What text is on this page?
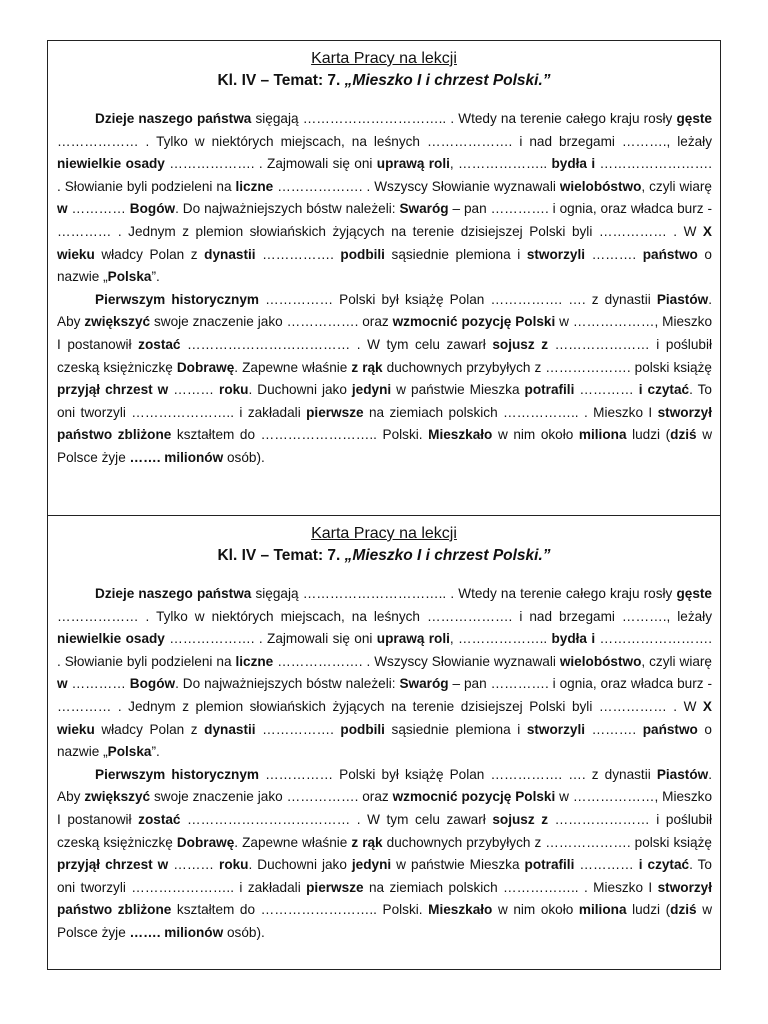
Karta Pracy na lekcji
Kl. IV – Temat: 7. „Mieszko I i chrzest Polski.”

Dzieje naszego państwa sięgają ………………………….. . Wtedy na terenie całego kraju rosły gęste ……………… . Tylko w niektórych miejscach, na leśnych ………………. i nad brzegami ………., leżały niewielkie osady ………………. . Zajmowali się oni uprawą roli, ……………….. bydła i ……………………. . Słowianie byli podzieleni na liczne ………………. . Wszyscy Słowianie wyznawali wielobóstwo, czyli wiarę w ………… Bogów. Do najważniejszych bóstw należeli: Swaróg – pan …………. i ognia, oraz władca burz - ………… . Jednym z plemion słowiańskich żyjących na terenie dzisiejszej Polski byli …………… . W X wieku władcy Polan z dynastii ……………. podbili sąsiednie plemiona i stworzyli ………. państwo o nazwie „Polska”.

Pierwszym historycznym …………… Polski był książę Polan ……………. …. z dynastii Piastów. Aby zwiększyć swoje znaczenie jako ……………. oraz wzmocnić pozycję Polski w ………………, Mieszko I postanowił zostać ……………………………… . W tym celu zawarł sojusz z ………………… i poślubił czeską księżniczkę Dobrawę. Zapewne właśnie z rąk duchownych przybyłych z ………………. polski książę przyjął chrzest w ……… roku. Duchowni jako jedyni w państwie Mieszka potrafili ………… i czytać. To oni tworzyli ………………….. i zakładali pierwsze na ziemiach polskich …………….. . Mieszko I stworzył państwo zbliżone kształtem do …………………….. Polski. Mieszkało w nim około miliona ludzi (dziś w Polsce żyje ……. milionów osób).

Karta Pracy na lekcji
Kl. IV – Temat: 7. „Mieszko I i chrzest Polski.”

Dzieje naszego państwa sięgają ………………………….. . Wtedy na terenie całego kraju rosły gęste ……………… . Tylko w niektórych miejscach, na leśnych ………………. i nad brzegami ………., leżały niewielkie osady ………………. . Zajmowali się oni uprawą roli, ……………….. bydła i ……………………. . Słowianie byli podzieleni na liczne ………………. . Wszyscy Słowianie wyznawali wielobóstwo, czyli wiarę w ………… Bogów. Do najważniejszych bóstw należeli: Swaróg – pan …………. i ognia, oraz władca burz - ………… . Jednym z plemion słowiańskich żyjących na terenie dzisiejszej Polski byli …………… . W X wieku władcy Polan z dynastii ……………. podbili sąsiednie plemiona i stworzyli ………. państwo o nazwie „Polska”.

Pierwszym historycznym …………… Polski był książę Polan ……………. …. z dynastii Piastów. Aby zwiększyć swoje znaczenie jako ……………. oraz wzmocnić pozycję Polski w ………………, Mieszko I postanowił zostać ……………………………… . W tym celu zawarł sojusz z ………………… i poślubił czeską księżniczkę Dobrawę. Zapewne właśnie z rąk duchownych przybyłych z ………………. polski książę przyjął chrzest w ……… roku. Duchowni jako jedyni w państwie Mieszka potrafili ………… i czytać. To oni tworzyli ………………….. i zakładali pierwsze na ziemiach polskich …………….. . Mieszko I stworzył państwo zbliżone kształtem do …………………….. Polski. Mieszkało w nim około miliona ludzi (dziś w Polsce żyje ……. milionów osób).
